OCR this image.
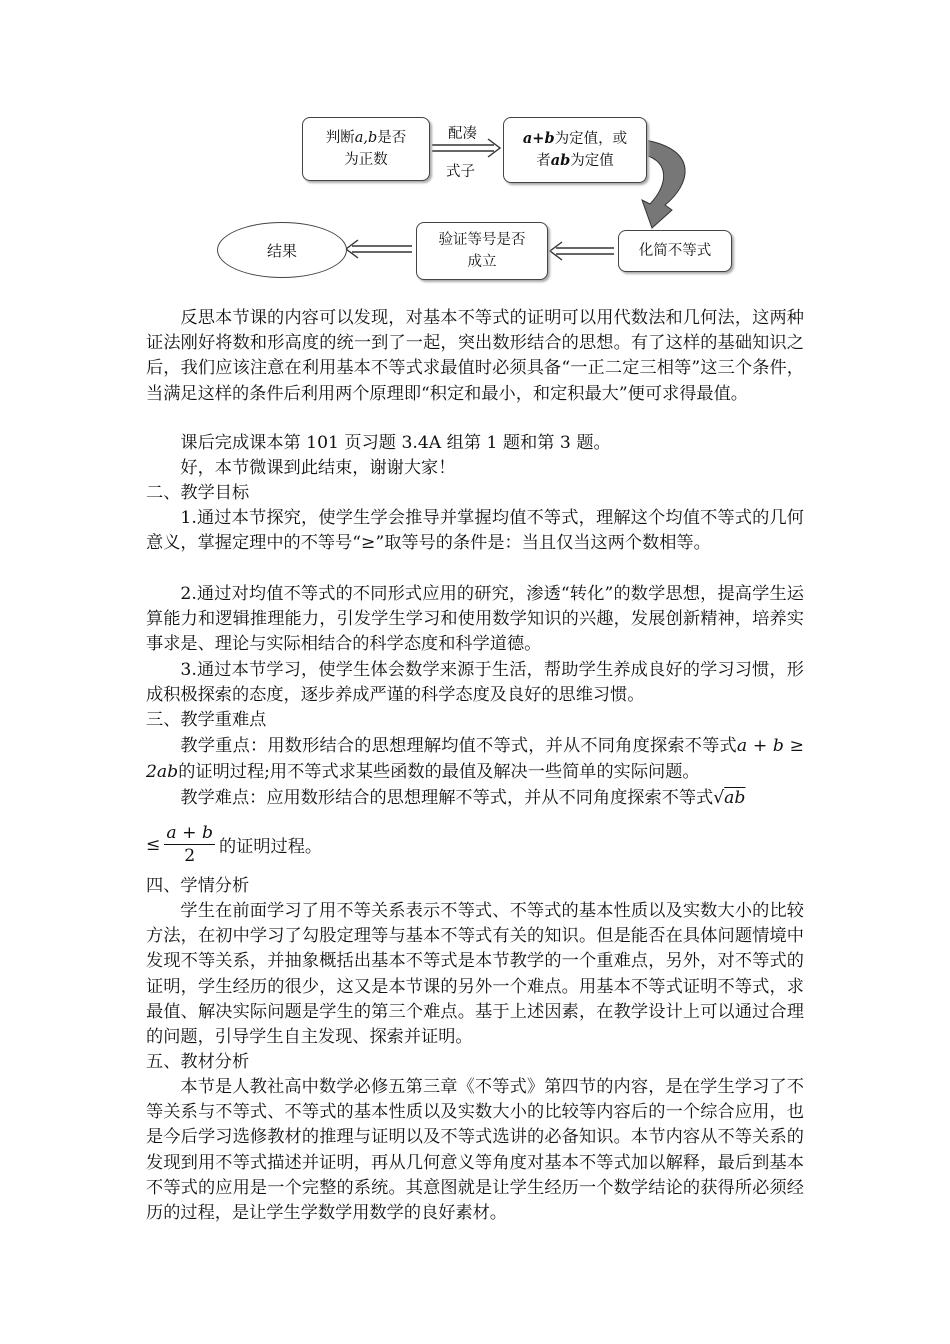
判断a,b是否
为正数
配凑
式子
a+b为定值，或
者ab为定值
化简不等式
验证等号是否
成立
结果

反思本节课的内容可以发现，对基本不等式的证明可以用代数法和几何法，这两种证法刚好将数和形高度的统一到了一起，突出数形结合的思想。有了这样的基础知识之后，我们应该注意在利用基本不等式求最值时必须具备“一正二定三相等”这三个条件，当满足这样的条件后利用两个原理即“积定和最小，和定积最大”便可求得最值。

课后完成课本第 101 页习题 3.4A 组第 1 题和第 3 题。

好，本节微课到此结束，谢谢大家！

二、教学目标

1.通过本节探究，使学生学会推导并掌握均值不等式，理解这个均值不等式的几何意义，掌握定理中的不等号“≥”取等号的条件是：当且仅当这两个数相等。

2.通过对均值不等式的不同形式应用的研究，渗透“转化”的数学思想，提高学生运算能力和逻辑推理能力，引发学生学习和使用数学知识的兴趣，发展创新精神，培养实事求是、理论与实际相结合的科学态度和科学道德。

3.通过本节学习，使学生体会数学来源于生活，帮助学生养成良好的学习习惯，形成积极探索的态度，逐步养成严谨的科学态度及良好的思维习惯。

三、教学重难点

教学重点：用数形结合的思想理解均值不等式，并从不同角度探索不等式a + b ≥ 2ab的证明过程;用不等式求某些函数的最值及解决一些简单的实际问题。

教学难点：应用数形结合的思想理解不等式，并从不同角度探索不等式√ab

≤ $\frac{a + b}{2}$ 的证明过程。
四、学情分析

学生在前面学习了用不等关系表示不等式、不等式的基本性质以及实数大小的比较方法，在初中学习了勾股定理等与基本不等式有关的知识。但是能否在具体问题情境中发现不等关系，并抽象概括出基本不等式是本节教学的一个重难点，另外，对不等式的证明，学生经历的很少，这又是本节课的另外一个难点。用基本不等式证明不等式，求最值、解决实际问题是学生的第三个难点。基于上述因素，在教学设计上可以通过合理的问题，引导学生自主发现、探索并证明。

五、教材分析

本节是人教社高中数学必修五第三章《不等式》第四节的内容，是在学生学习了不等关系与不等式、不等式的基本性质以及实数大小的比较等内容后的一个综合应用，也是今后学习选修教材的推理与证明以及不等式选讲的必备知识。本节内容从不等关系的发现到用不等式描述并证明，再从几何意义等角度对基本不等式加以解释，最后到基本不等式的应用是一个完整的系统。其意图就是让学生经历一个数学结论的获得所必须经历的过程，是让学生学数学用数学的良好素材。
